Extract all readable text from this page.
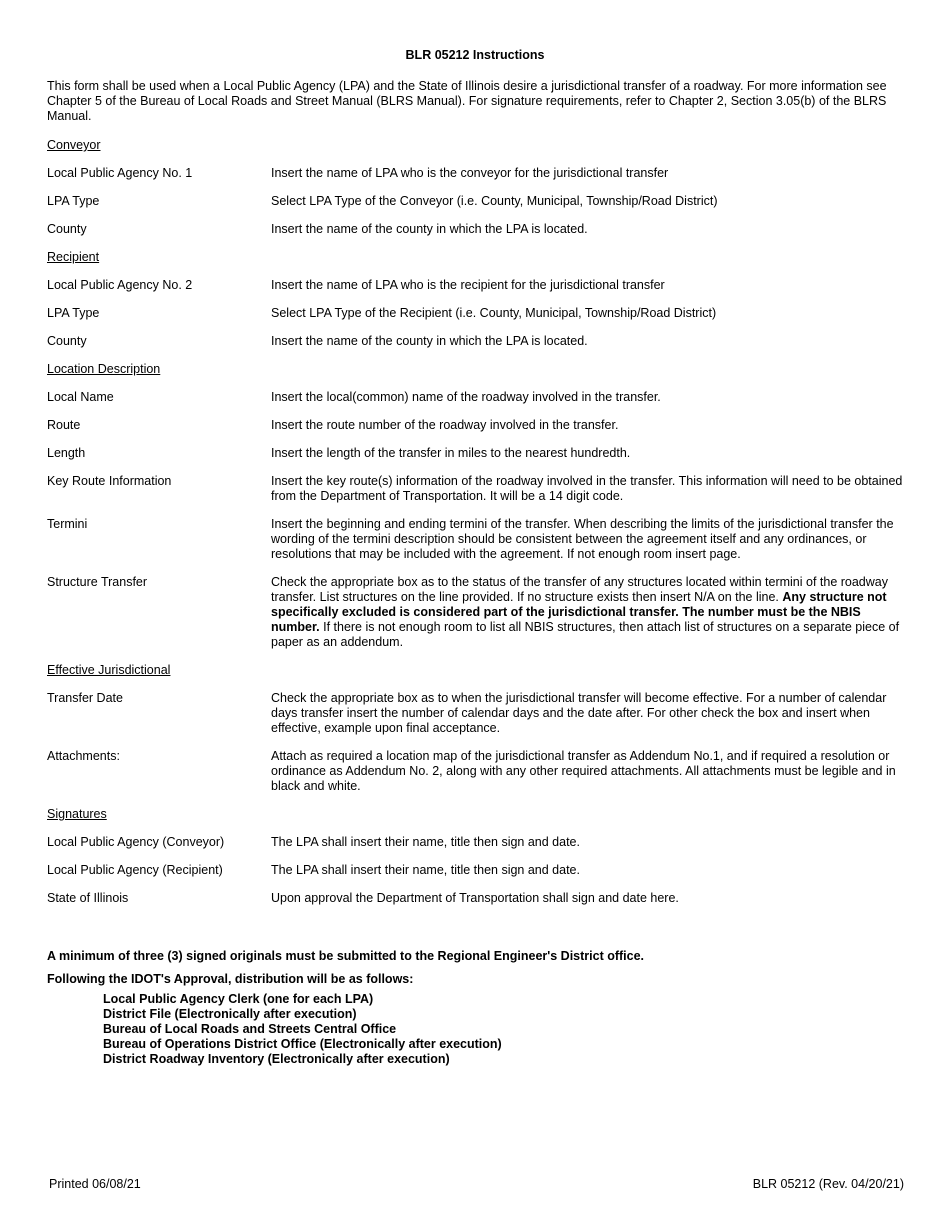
BLR 05212 Instructions
This form shall be used when a Local Public Agency (LPA) and the State of Illinois desire a jurisdictional transfer of a roadway. For more information see Chapter 5 of the Bureau of Local Roads and Street Manual (BLRS Manual). For signature requirements, refer to Chapter 2, Section 3.05(b) of the BLRS Manual.
Conveyor
Local Public Agency No. 1	Insert the name of LPA who is the conveyor for the jurisdictional transfer
LPA Type	Select LPA Type of the Conveyor (i.e. County, Municipal, Township/Road District)
County	Insert the name of the county in which the LPA is located.
Recipient
Local Public Agency No. 2	Insert the name of LPA who is the recipient for the jurisdictional transfer
LPA Type	Select LPA Type of the Recipient (i.e. County, Municipal, Township/Road District)
County	Insert the name of the county in which the LPA is located.
Location Description
Local Name	Insert the local(common) name of the roadway involved in the transfer.
Route	Insert the route number of the roadway involved in the transfer.
Length	Insert the length of the transfer in miles to the nearest hundredth.
Key Route Information	Insert the key route(s) information of the roadway involved in the transfer. This information will need to be obtained from the Department of Transportation. It will be a 14 digit code.
Termini	Insert the beginning and ending termini of the transfer. When describing the limits of the jurisdictional transfer the wording of the termini description should be consistent between the agreement itself and any ordinances, or resolutions that may be included with the agreement. If not enough room insert page.
Structure Transfer	Check the appropriate box as to the status of the transfer of any structures located within termini of the roadway transfer. List structures on the line provided. If no structure exists then insert N/A on the line. Any structure not specifically excluded is considered part of the jurisdictional transfer. The number must be the NBIS number. If there is not enough room to list all NBIS structures, then attach list of structures on a separate piece of paper as an addendum.
Effective Jurisdictional
Transfer Date	Check the appropriate box as to when the jurisdictional transfer will become effective. For a number of calendar days transfer insert the number of calendar days and the date after. For other check the box and insert when effective, example upon final acceptance.
Attachments:	Attach as required a location map of the jurisdictional transfer as Addendum No.1, and if required a resolution or ordinance as Addendum No. 2, along with any other required attachments. All attachments must be legible and in black and white.
Signatures
Local Public Agency (Conveyor)	The LPA shall insert their name, title then sign and date.
Local Public Agency (Recipient)	The LPA shall insert their name, title then sign and date.
State of Illinois	Upon approval the Department of Transportation shall sign and date here.

A minimum of three (3) signed originals must be submitted to the Regional Engineer's District office.

Following the IDOT's Approval, distribution will be as follows:

Local Public Agency Clerk (one for each LPA)
District File (Electronically after execution)
Bureau of Local Roads and Streets Central Office
Bureau of Operations District Office (Electronically after execution)
District Roadway Inventory (Electronically after execution)
Printed 06/08/21	BLR 05212 (Rev. 04/20/21)
